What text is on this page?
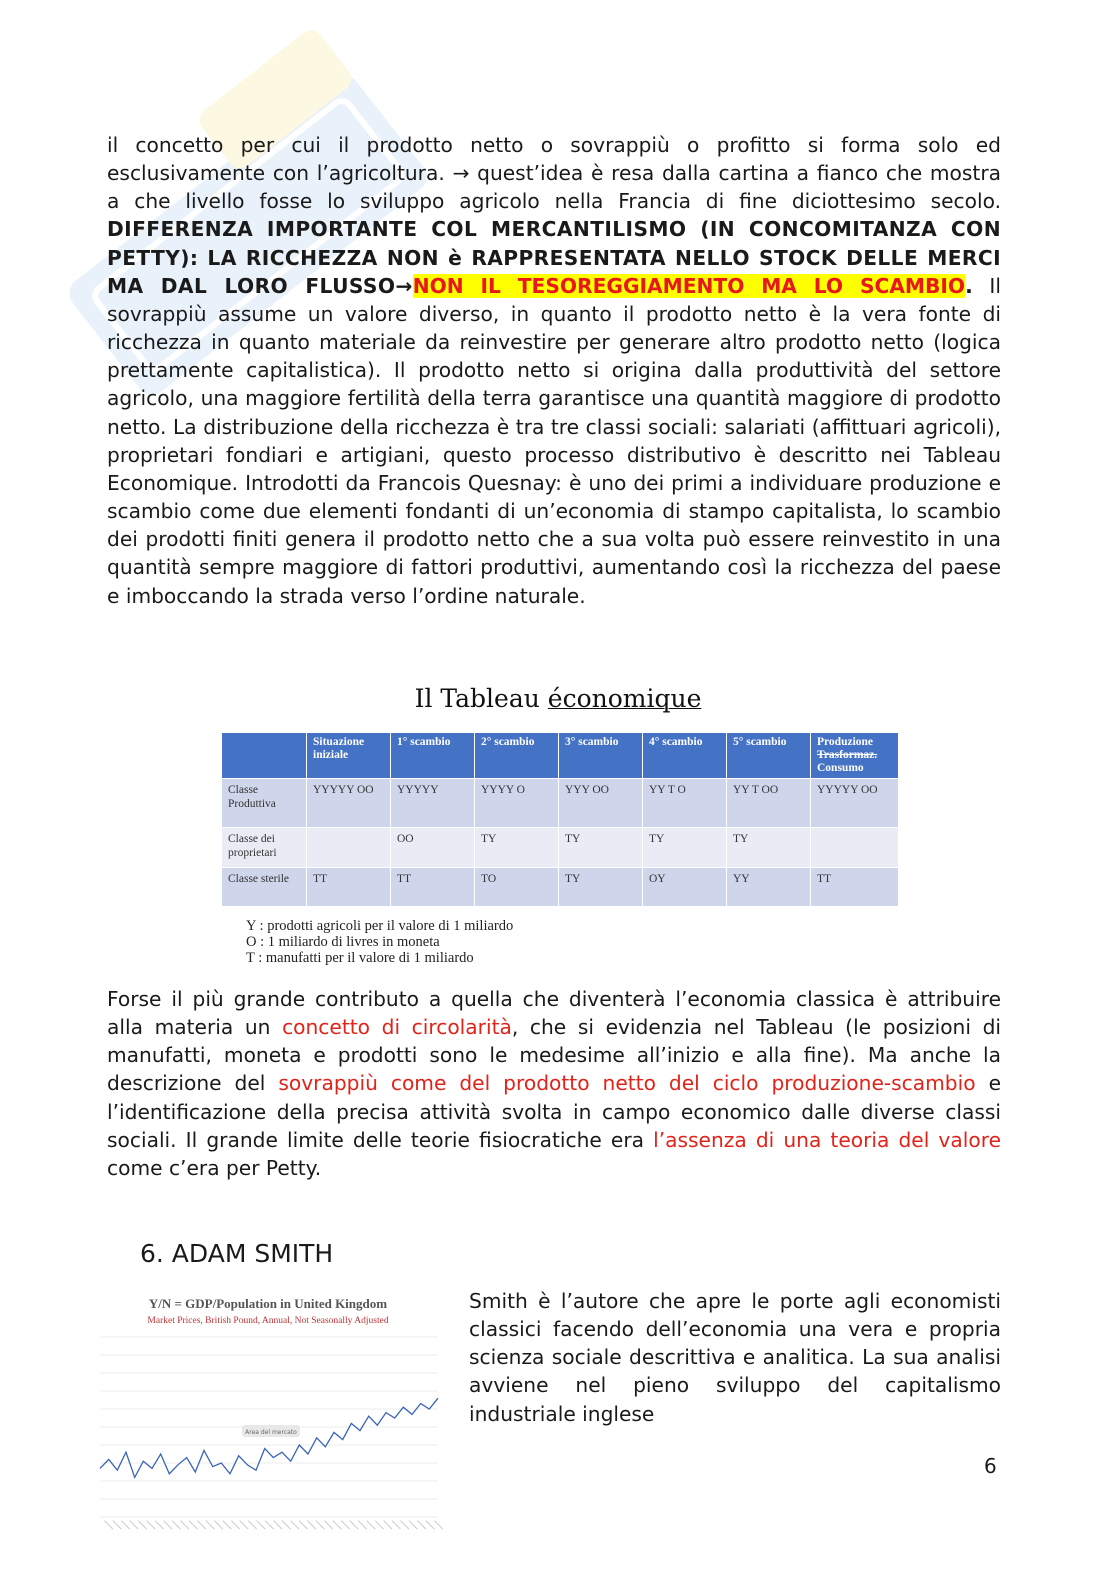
il concetto per cui il prodotto netto o sovrappiù o profitto si forma solo ed esclusivamente con l’agricoltura. → quest’idea è resa dalla cartina a fianco che mostra a che livello fosse lo sviluppo agricolo nella Francia di fine diciottesimo secolo. DIFFERENZA IMPORTANTE COL MERCANTILISMO (IN CONCOMITANZA CON PETTY): LA RICCHEZZA NON è RAPPRESENTATA NELLO STOCK DELLE MERCI MA DAL LORO FLUSSO→NON IL TESOREGGIAMENTO MA LO SCAMBIO. Il sovrappiù assume un valore diverso, in quanto il prodotto netto è la vera fonte di ricchezza in quanto materiale da reinvestire per generare altro prodotto netto (logica prettamente capitalistica). Il prodotto netto si origina dalla produttività del settore agricolo, una maggiore fertilità della terra garantisce una quantità maggiore di prodotto netto. La distribuzione della ricchezza è tra tre classi sociali: salariati (affittuari agricoli), proprietari fondiari e artigiani, questo processo distributivo è descritto nei Tableau Economique. Introdotti da Francois Quesnay: è uno dei primi a individuare produzione e scambio come due elementi fondanti di un’economia di stampo capitalista, lo scambio dei prodotti finiti genera il prodotto netto che a sua volta può essere reinvestito in una quantità sempre maggiore di fattori produttivi, aumentando così la ricchezza del paese e imboccando la strada verso l’ordine naturale.

Il Tableau économique
	Situazione iniziale	1° scambio	2° scambio	3° scambio	4° scambio	5° scambio	Produzione
Trasformaz.
Consumo
Classe Produttiva	YYYYY OO	YYYYY	YYYY O	YYY OO	YY T O	YY T OO	YYYYY OO
Classe dei proprietari		OO	TY	TY	TY	TY	
Classe sterile	TT	TT	TO	TY	OY	YY	TT
Y : prodotti agricoli per il valore di 1 miliardo
O : 1 miliardo di livres in moneta
T : manufatti per il valore di 1 miliardo

Forse il più grande contributo a quella che diventerà l’economia classica è attribuire alla materia un concetto di circolarità, che si evidenzia nel Tableau (le posizioni di manufatti, moneta e prodotti sono le medesime all’inizio e alla fine). Ma anche la descrizione del sovrappiù come del prodotto netto del ciclo produzione-scambio e l’identificazione della precisa attività svolta in campo economico dalle diverse classi sociali. Il grande limite delle teorie fisiocratiche era l’assenza di una teoria del valore come c’era per Petty.

6. ADAM SMITH
Y/N = GDP/Population in United Kingdom
Market Prices, British Pound, Annual, Not Seasonally Adjusted
Area del mercato

Smith è l’autore che apre le porte agli economisti classici facendo dell’economia una vera e propria scienza sociale descrittiva e analitica. La sua analisi avviene nel pieno sviluppo del capitalismo industriale inglese

6
